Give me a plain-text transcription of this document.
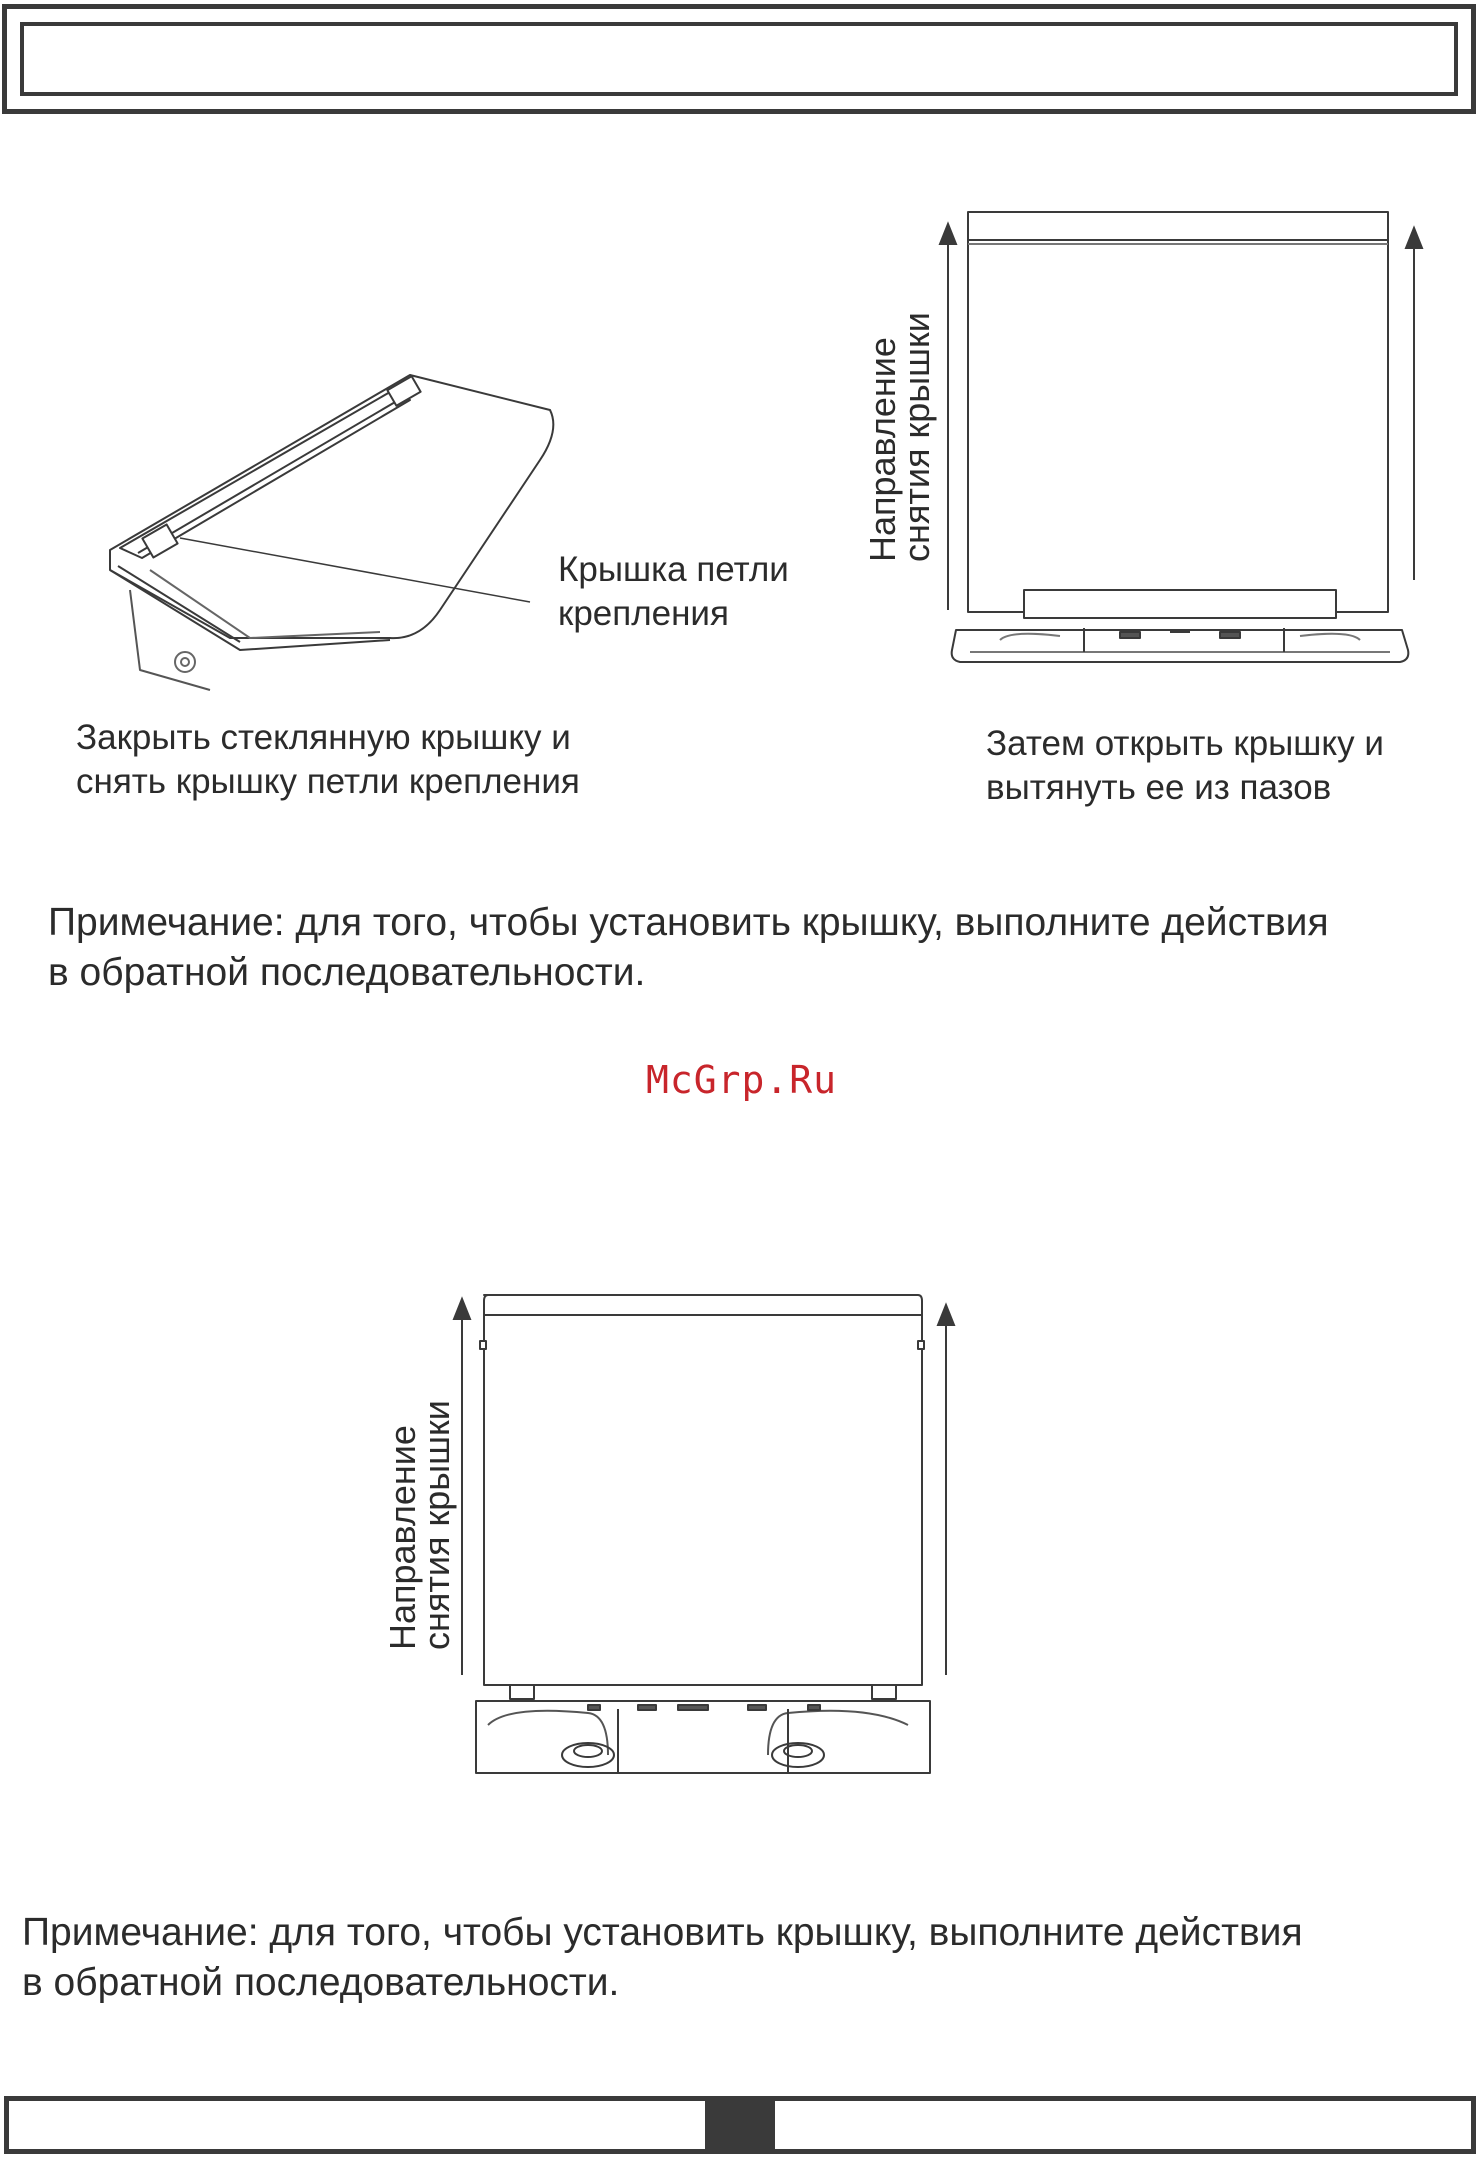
Крышка петли
крепления
Закрыть стеклянную крышку и
снять крышку петли крепления
Направление
снятия крышки
Затем открыть крышку и
вытянуть ее из пазов
Примечание: для того, чтобы установить крышку, выполните действия
в обратной последовательности.
McGrp.Ru
Направление
снятия крышки
Примечание: для того, чтобы установить крышку, выполните действия
в обратной последовательности.
